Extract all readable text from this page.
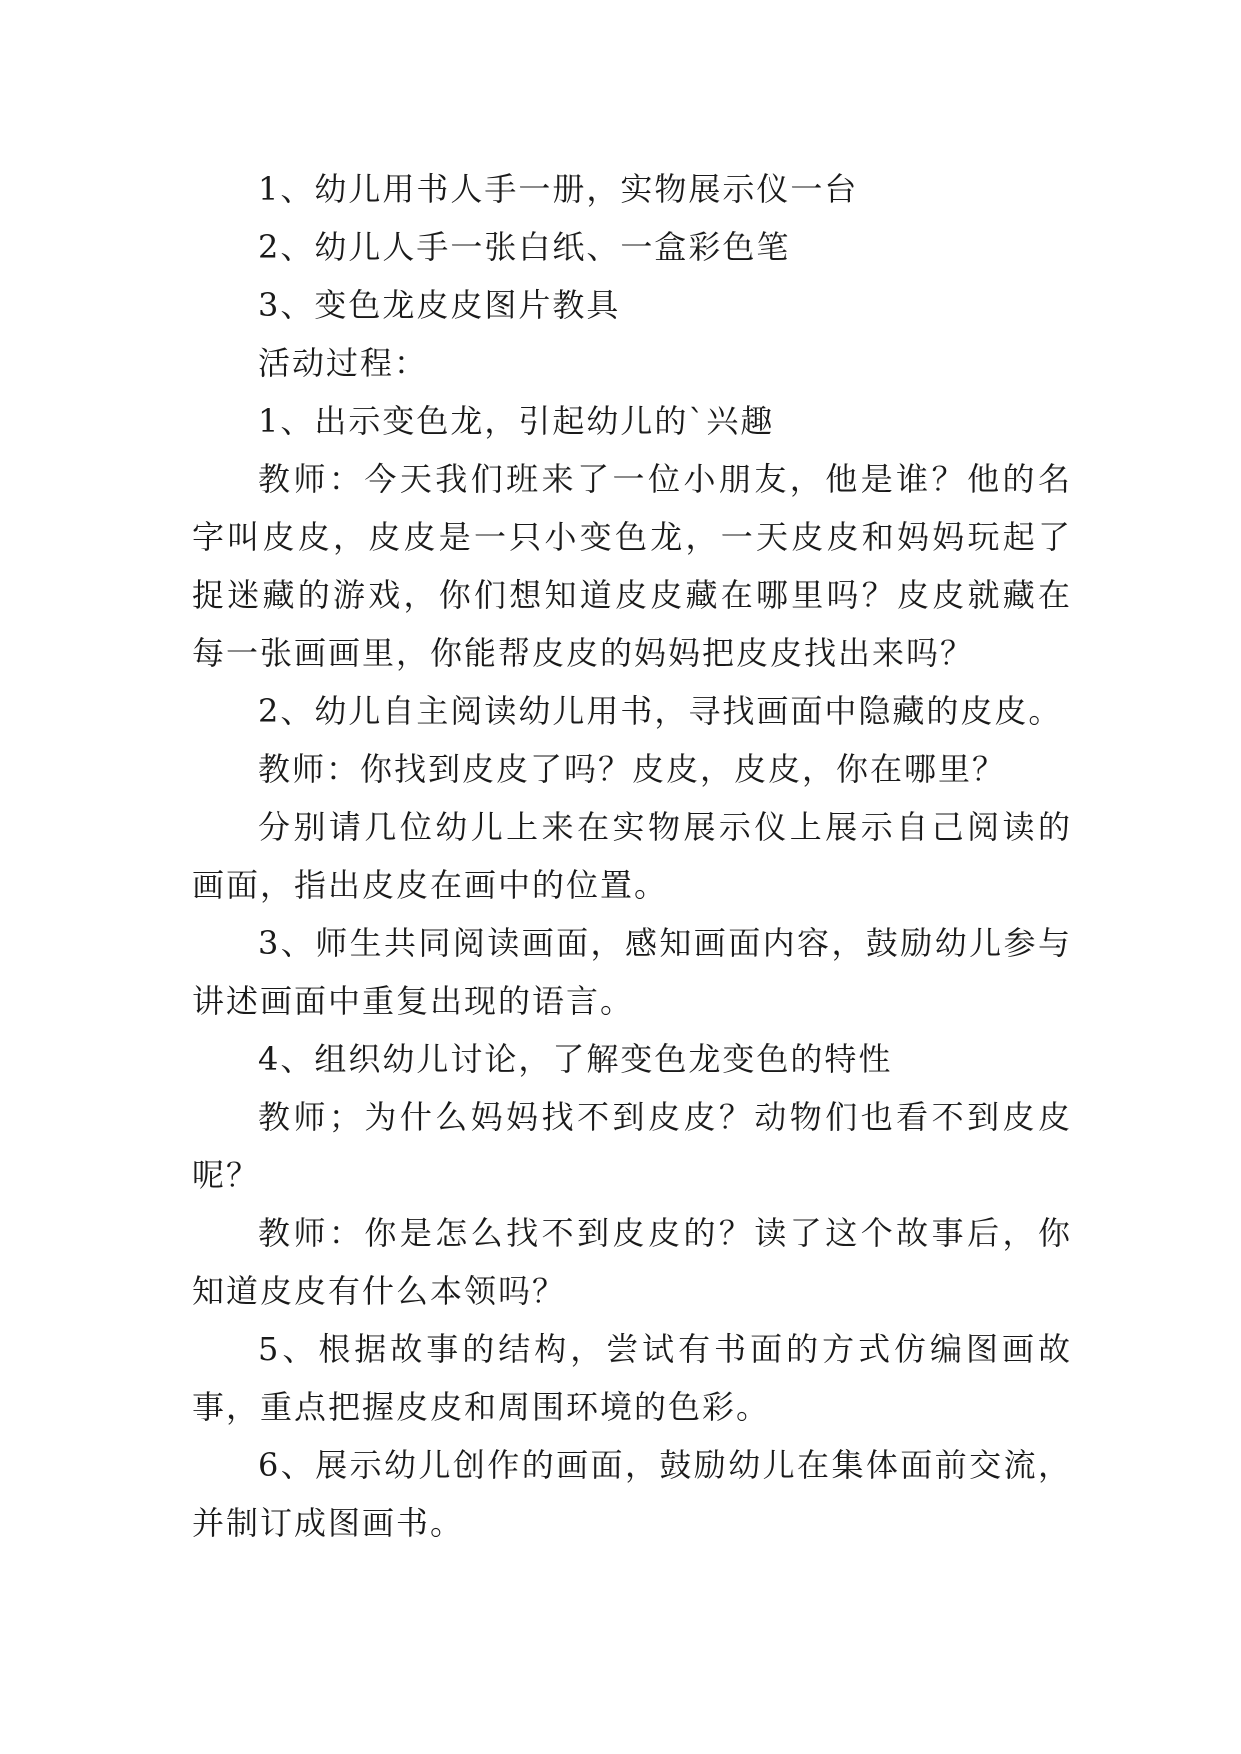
1、幼儿用书人手一册，实物展示仪一台

2、幼儿人手一张白纸、一盒彩色笔

3、变色龙皮皮图片教具

活动过程：

1、出示变色龙，引起幼儿的`兴趣

教师：今天我们班来了一位小朋友，他是谁？他的名字叫皮皮，皮皮是一只小变色龙，一天皮皮和妈妈玩起了捉迷藏的游戏，你们想知道皮皮藏在哪里吗？皮皮就藏在每一张画画里，你能帮皮皮的妈妈把皮皮找出来吗？

2、幼儿自主阅读幼儿用书，寻找画面中隐藏的皮皮。

教师：你找到皮皮了吗？皮皮，皮皮，你在哪里？

分别请几位幼儿上来在实物展示仪上展示自己阅读的画面，指出皮皮在画中的位置。

3、师生共同阅读画面，感知画面内容，鼓励幼儿参与讲述画面中重复出现的语言。

4、组织幼儿讨论，了解变色龙变色的特性

教师；为什么妈妈找不到皮皮？动物们也看不到皮皮呢？

教师：你是怎么找不到皮皮的？读了这个故事后，你知道皮皮有什么本领吗？

5、根据故事的结构，尝试有书面的方式仿编图画故事，重点把握皮皮和周围环境的色彩。

6、展示幼儿创作的画面，鼓励幼儿在集体面前交流，并制订成图画书。
